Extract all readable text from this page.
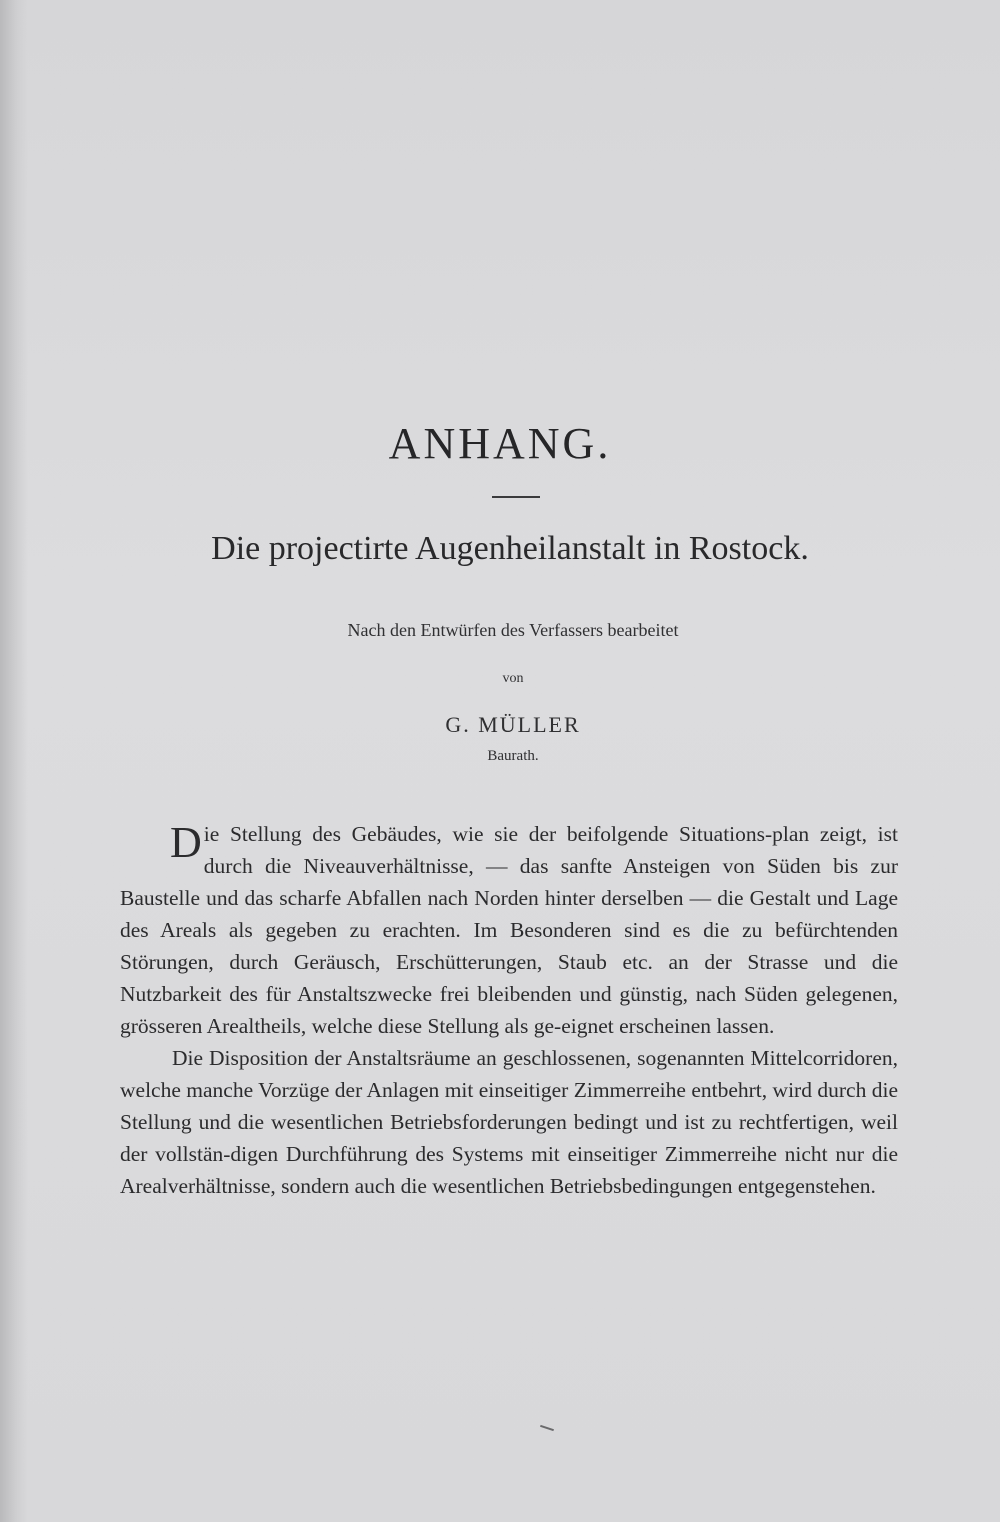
ANHANG.
Die projectirte Augenheilanstalt in Rostock.
Nach den Entwürfen des Verfassers bearbeitet
von
G. MÜLLER
Baurath.

Die Stellung des Gebäudes, wie sie der beifolgende Situations-plan zeigt, ist durch die Niveauverhältnisse, — das sanfte Ansteigen von Süden bis zur Baustelle und das scharfe Abfallen nach Norden hinter derselben — die Gestalt und Lage des Areals als gegeben zu erachten. Im Besonderen sind es die zu befürchtenden Störungen, durch Geräusch, Erschütterungen, Staub etc. an der Strasse und die Nutzbarkeit des für Anstaltszwecke frei bleibenden und günstig, nach Süden gelegenen, grösseren Arealtheils, welche diese Stellung als ge-eignet erscheinen lassen.

Die Disposition der Anstaltsräume an geschlossenen, sogenannten Mittelcorridoren, welche manche Vorzüge der Anlagen mit einseitiger Zimmerreihe entbehrt, wird durch die Stellung und die wesentlichen Betriebsforderungen bedingt und ist zu rechtfertigen, weil der vollstän-digen Durchführung des Systems mit einseitiger Zimmerreihe nicht nur die Arealverhältnisse, sondern auch die wesentlichen Betriebsbedingungen entgegenstehen.
